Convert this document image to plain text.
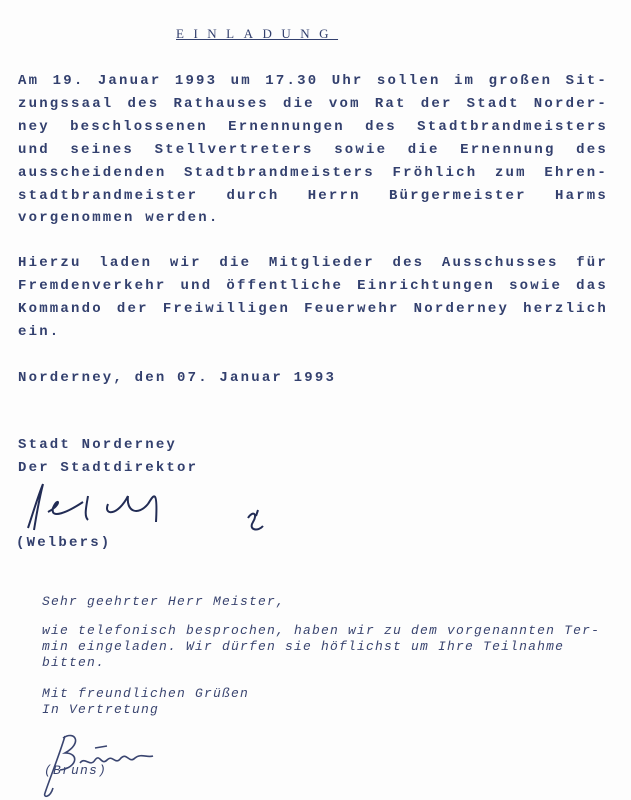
EINLADUNG
Am 19. Januar 1993 um 17.30 Uhr sollen im großen Sit-
zungssaal des Rathauses die vom Rat der Stadt Norder-
ney beschlossenen Ernennungen des Stadtbrandmeisters
und seines Stellvertreters sowie die Ernennung des
ausscheidenden Stadtbrandmeisters Fröhlich zum Ehren-
stadtbrandmeister durch Herrn Bürgermeister Harms
vorgenommen werden.
Hierzu laden wir die Mitglieder des Ausschusses für
Fremdenverkehr und öffentliche Einrichtungen sowie das
Kommando der Freiwilligen Feuerwehr Norderney herzlich
ein.
Norderney, den 07. Januar 1993
Stadt Norderney
Der Stadtdirektor
(Welbers)
Sehr geehrter Herr Meister,
wie telefonisch besprochen, haben wir zu dem vorgenannten Ter-
min eingeladen. Wir dürfen sie höflichst um Ihre Teilnahme
bitten.
Mit freundlichen Grüßen
In Vertretung
(Bruns)
